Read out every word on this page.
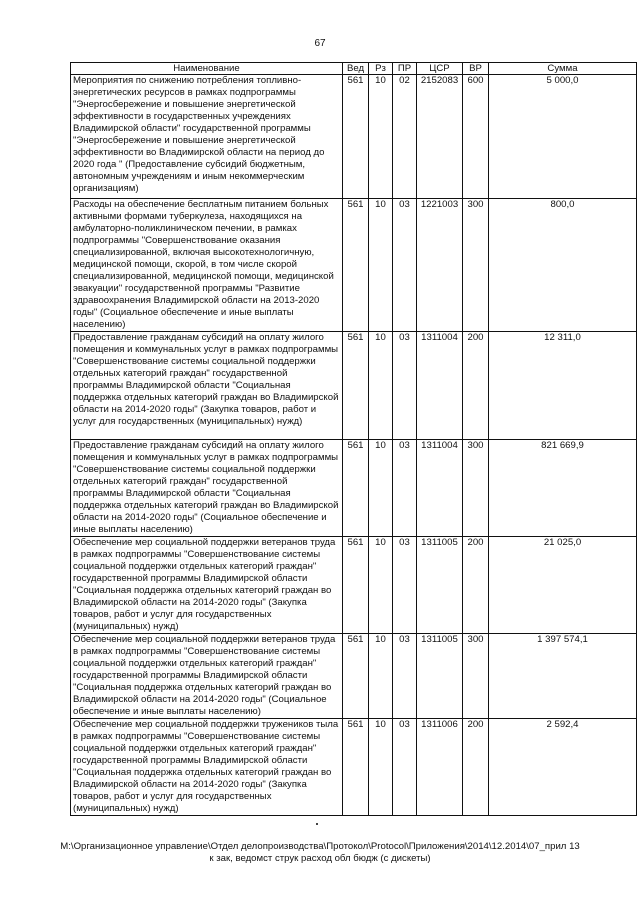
67
Наименование	Вед	Рз	ПР	ЦСР	ВР	Сумма
Мероприятия по снижению потребления топливно-энергетических ресурсов в рамках подпрограммы "Энергосбережение и повышение энергетической эффективности в государственных учреждениях Владимирской области" государственной программы "Энергосбережение и повышение энергетической эффективности во Владимирской области на период до 2020 года " (Предоставление субсидий бюджетным, автономным учреждениям и иным некоммерческим организациям)	561	10	02	2152083	600	5 000,0
Расходы на обеспечение бесплатным питанием больных активными формами туберкулеза, находящихся на амбулаторно-поликлиническом печении, в рамках подпрограммы "Совершенствование оказания специализированной, включая высокотехнологичную, медицинской помощи, скорой, в том числе скорой специализированной, медицинской помощи, медицинской эвакуации" государственной программы "Развитие здравоохранения Владимирской области на 2013-2020 годы" (Социальное обеспечение и иные выплаты населению)	561	10	03	1221003	300	800,0
Предоставление гражданам субсидий на оплату жилого помещения и коммунальных услуг в рамках подпрограммы "Совершенствование системы социальной поддержки отдельных категорий граждан" государственной программы Владимирской области "Социальная поддержка отдельных категорий граждан во Владимирской области на 2014-2020 годы" (Закупка товаров, работ и услуг для государственных (муниципальных) нужд)	561	10	03	1311004	200	12 311,0
Предоставление гражданам субсидий на оплату жилого помещения и коммунальных услуг в рамках подпрограммы "Совершенствование системы социальной поддержки отдельных категорий граждан" государственной программы Владимирской области "Социальная поддержка отдельных категорий граждан во Владимирской области на 2014-2020 годы" (Социальное обеспечение и иные выплаты населению)	561	10	03	1311004	300	821 669,9
Обеспечение мер социальной поддержки ветеранов труда в рамках подпрограммы "Совершенствование системы социальной поддержки отдельных категорий граждан" государственной программы Владимирской области "Социальная поддержка отдельных категорий граждан во Владимирской области на 2014-2020 годы" (Закупка товаров, работ и услуг для государственных (муниципальных) нужд)	561	10	03	1311005	200	21 025,0
Обеспечение мер социальной поддержки ветеранов труда в рамках подпрограммы "Совершенствование системы социальной поддержки отдельных категорий граждан" государственной программы Владимирской области "Социальная поддержка отдельных категорий граждан во Владимирской области на 2014-2020 годы" (Социальное обеспечение и иные выплаты населению)	561	10	03	1311005	300	1 397 574,1
Обеспечение мер социальной поддержки тружеников тыла в рамках подпрограммы "Совершенствование системы социальной поддержки отдельных категорий граждан" государственной программы Владимирской области "Социальная поддержка отдельных категорий граждан во Владимирской области на 2014-2020 годы" (Закупка товаров, работ и услуг для государственных (муниципальных) нужд)	561	10	03	1311006	200	2 592,4
М:\Организационное управление\Отдел делопроизводства\Протокол\Protocol\Приложения\2014\12.2014\07_прил 13
к зак, ведомст струк расход обл бюдж (с дискеты)
